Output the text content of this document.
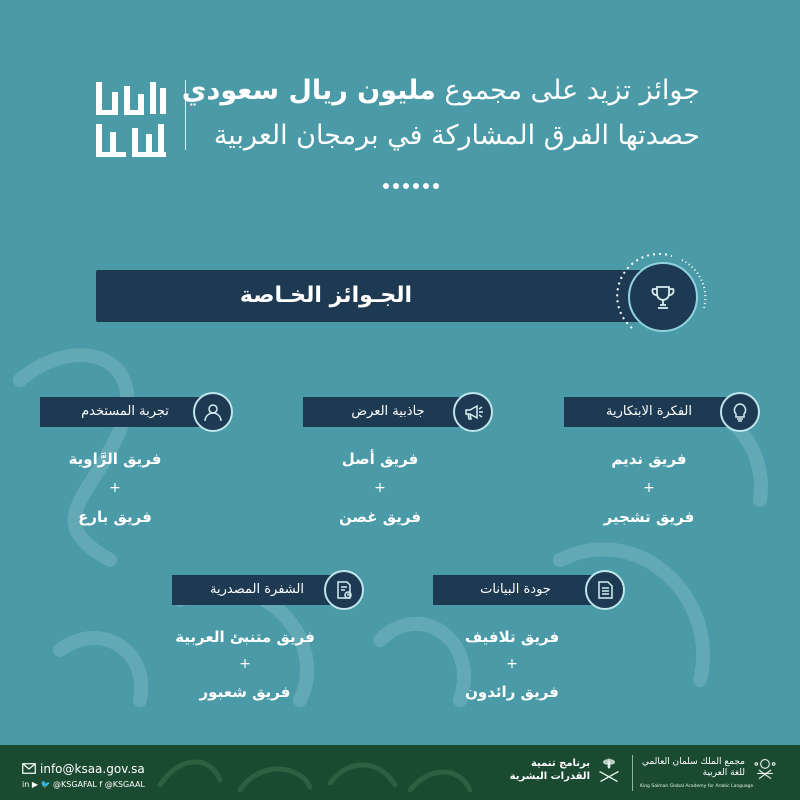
جوائز تزيد على مجموع مليون ريال سعودي
حصدتها الفرق المشاركة في برمجان العربية
الجـوائز الخـاصة
الفكرة الابتكارية
فريق نديم
+
فريق تشجير
جاذبية العرض
فريق أصل
+
فريق غصن
تجربة المستخدم
فريق الرَّاوية
+
فريق بارع
جودة البيانات
فريق تلافيف
+
فريق رائدون
الشفرة المصدرية
فريق متنبئ العربية
+
فريق شعبور
info@ksaa.gov.sa
in ▶ 🐦 @KSGAFAL f @KSGAAL
برنامج تنمية القدرات البشرية
مجمع الملك سلمان العالمي للغة العربية
King Salman Global Academy for Arabic Language
